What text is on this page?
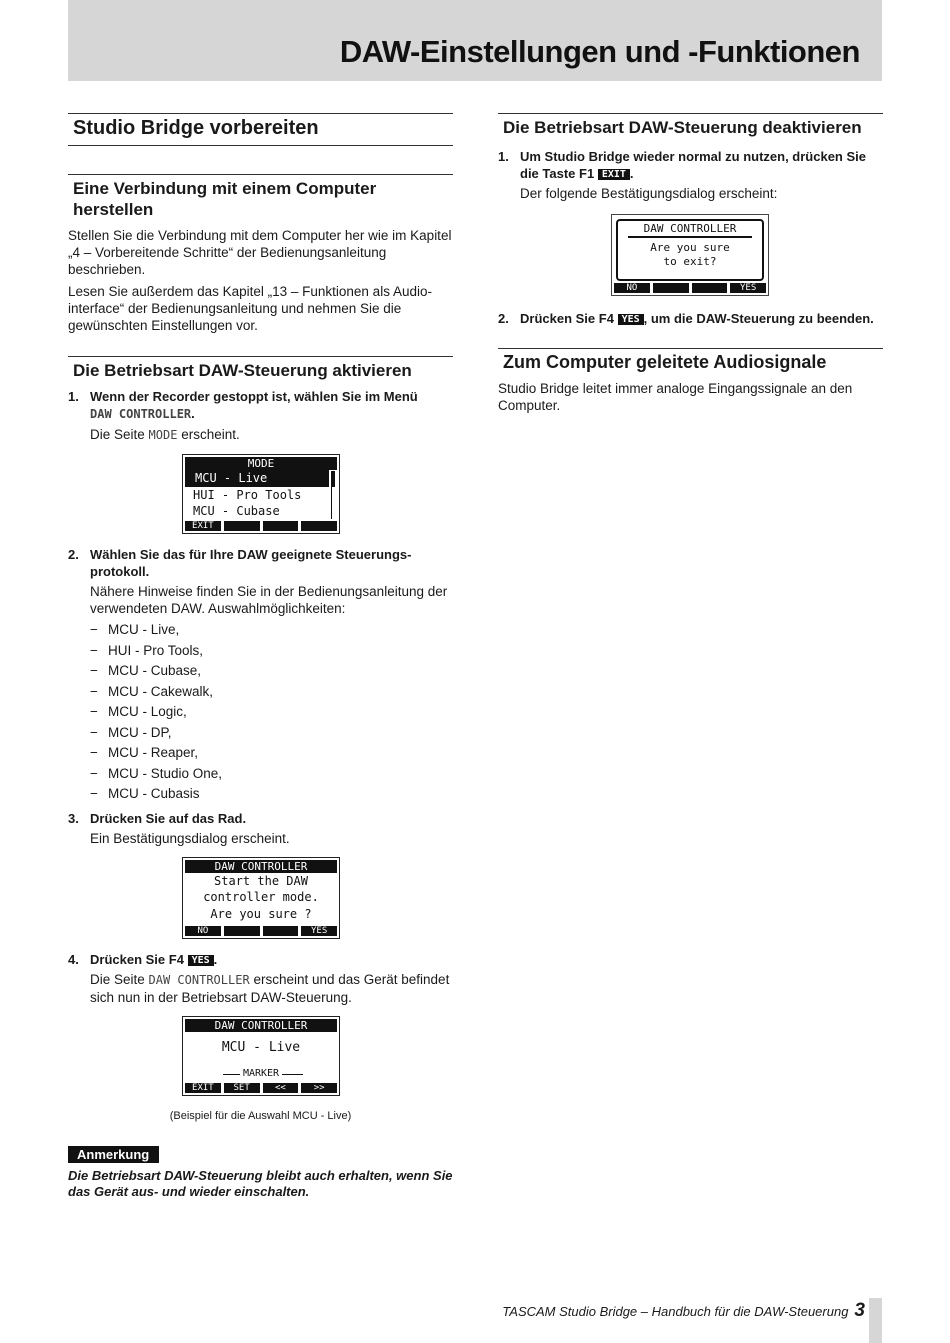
DAW-Einstellungen und -Funktionen
Studio Bridge vorbereiten
Eine Verbindung mit einem Computer herstellen

Stellen Sie die Verbindung mit dem Computer her wie im Kapitel „4 – Vorbereitende Schritte“ der Bedienungsanleitung beschrieben.

Lesen Sie außerdem das Kapitel „13 – Funktionen als Audio-interface“ der Bedienungsanleitung und nehmen Sie die gewünschten Einstellungen vor.

Die Betriebsart DAW-Steuerung aktivieren
1. Wenn der Recorder gestoppt ist, wählen Sie im Menü
DAW CONTROLLER.
Die Seite MODE erscheint.
MODE
MCU - Live
HUI - Pro Tools
MCU - Cubase
EXIT
2. Wählen Sie das für Ihre DAW geeignete Steuerungs-protokoll.
Nähere Hinweise finden Sie in der Bedienungsanleitung der verwendeten DAW. Auswahlmöglichkeiten:
− MCU - Live,
− HUI - Pro Tools,
− MCU - Cubase,
− MCU - Cakewalk,
− MCU - Logic,
− MCU - DP,
− MCU - Reaper,
− MCU - Studio One,
− MCU - Cubasis
3. Drücken Sie auf das Rad.
Ein Bestätigungsdialog erscheint.
DAW CONTROLLER
Start the DAW
controller mode.
Are you sure ?
NO	YES
4. Drücken Sie F4 YES .
Die Seite DAW CONTROLLER erscheint und das Gerät befindet sich nun in der Betriebsart DAW-Steuerung.
DAW CONTROLLER
MCU - Live
MARKER
EXIT	SET	<<	>>
(Beispiel für die Auswahl MCU - Live)
Anmerkung
Die Betriebsart DAW-Steuerung bleibt auch erhalten, wenn Sie das Gerät aus- und wieder einschalten.
Die Betriebsart DAW-Steuerung deaktivieren
1. Um Studio Bridge wieder normal zu nutzen, drücken Sie die Taste F1 EXIT .
Der folgende Bestätigungsdialog erscheint:
DAW CONTROLLER
Are you sure
to exit?
NO	YES
2. Drücken Sie F4 YES , um die DAW-Steuerung zu beenden.
Zum Computer geleitete Audiosignale

Studio Bridge leitet immer analoge Eingangssignale an den Computer.

TASCAM Studio Bridge – Handbuch für die DAW-Steuerung 3
